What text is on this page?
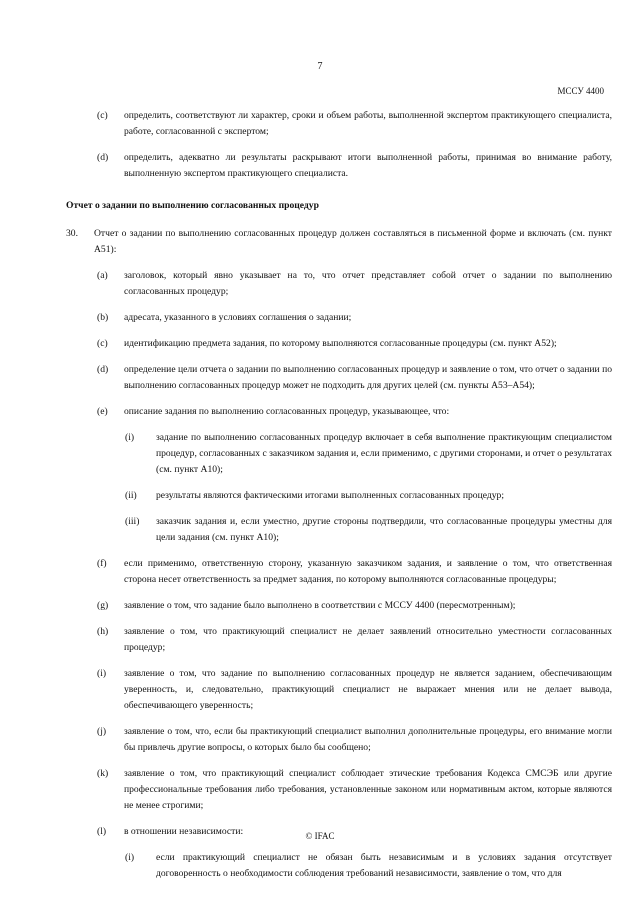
7
МССУ 4400
(c) определить, соответствуют ли характер, сроки и объем работы, выполненной экспертом практикующего специалиста, работе, согласованной с экспертом;
(d) определить, адекватно ли результаты раскрывают итоги выполненной работы, принимая во внимание работу, выполненную экспертом практикующего специалиста.
Отчет о задании по выполнению согласованных процедур
30. Отчет о задании по выполнению согласованных процедур должен составляться в письменной форме и включать (см. пункт A51):
(a) заголовок, который явно указывает на то, что отчет представляет собой отчет о задании по выполнению согласованных процедур;
(b) адресата, указанного в условиях соглашения о задании;
(c) идентификацию предмета задания, по которому выполняются согласованные процедуры (см. пункт A52);
(d) определение цели отчета о задании по выполнению согласованных процедур и заявление о том, что отчет о задании по выполнению согласованных процедур может не подходить для других целей (см. пункты A53–A54);
(e) описание задания по выполнению согласованных процедур, указывающее, что:
(i) задание по выполнению согласованных процедур включает в себя выполнение практикующим специалистом процедур, согласованных с заказчиком задания и, если применимо, с другими сторонами, и отчет о результатах (см. пункт A10);
(ii) результаты являются фактическими итогами выполненных согласованных процедур;
(iii) заказчик задания и, если уместно, другие стороны подтвердили, что согласованные процедуры уместны для цели задания (см. пункт A10);
(f) если применимо, ответственную сторону, указанную заказчиком задания, и заявление о том, что ответственная сторона несет ответственность за предмет задания, по которому выполняются согласованные процедуры;
(g) заявление о том, что задание было выполнено в соответствии с МССУ 4400 (пересмотренным);
(h) заявление о том, что практикующий специалист не делает заявлений относительно уместности согласованных процедур;
(i) заявление о том, что задание по выполнению согласованных процедур не является заданием, обеспечивающим уверенность, и, следовательно, практикующий специалист не выражает мнения или не делает вывода, обеспечивающего уверенность;
(j) заявление о том, что, если бы практикующий специалист выполнил дополнительные процедуры, его внимание могли бы привлечь другие вопросы, о которых было бы сообщено;
(k) заявление о том, что практикующий специалист соблюдает этические требования Кодекса СМСЭБ или другие профессиональные требования либо требования, установленные законом или нормативным актом, которые являются не менее строгими;
(l) в отношении независимости:
(i) если практикующий специалист не обязан быть независимым и в условиях задания отсутствует договоренность о необходимости соблюдения требований независимости, заявление о том, что для
© IFAC
